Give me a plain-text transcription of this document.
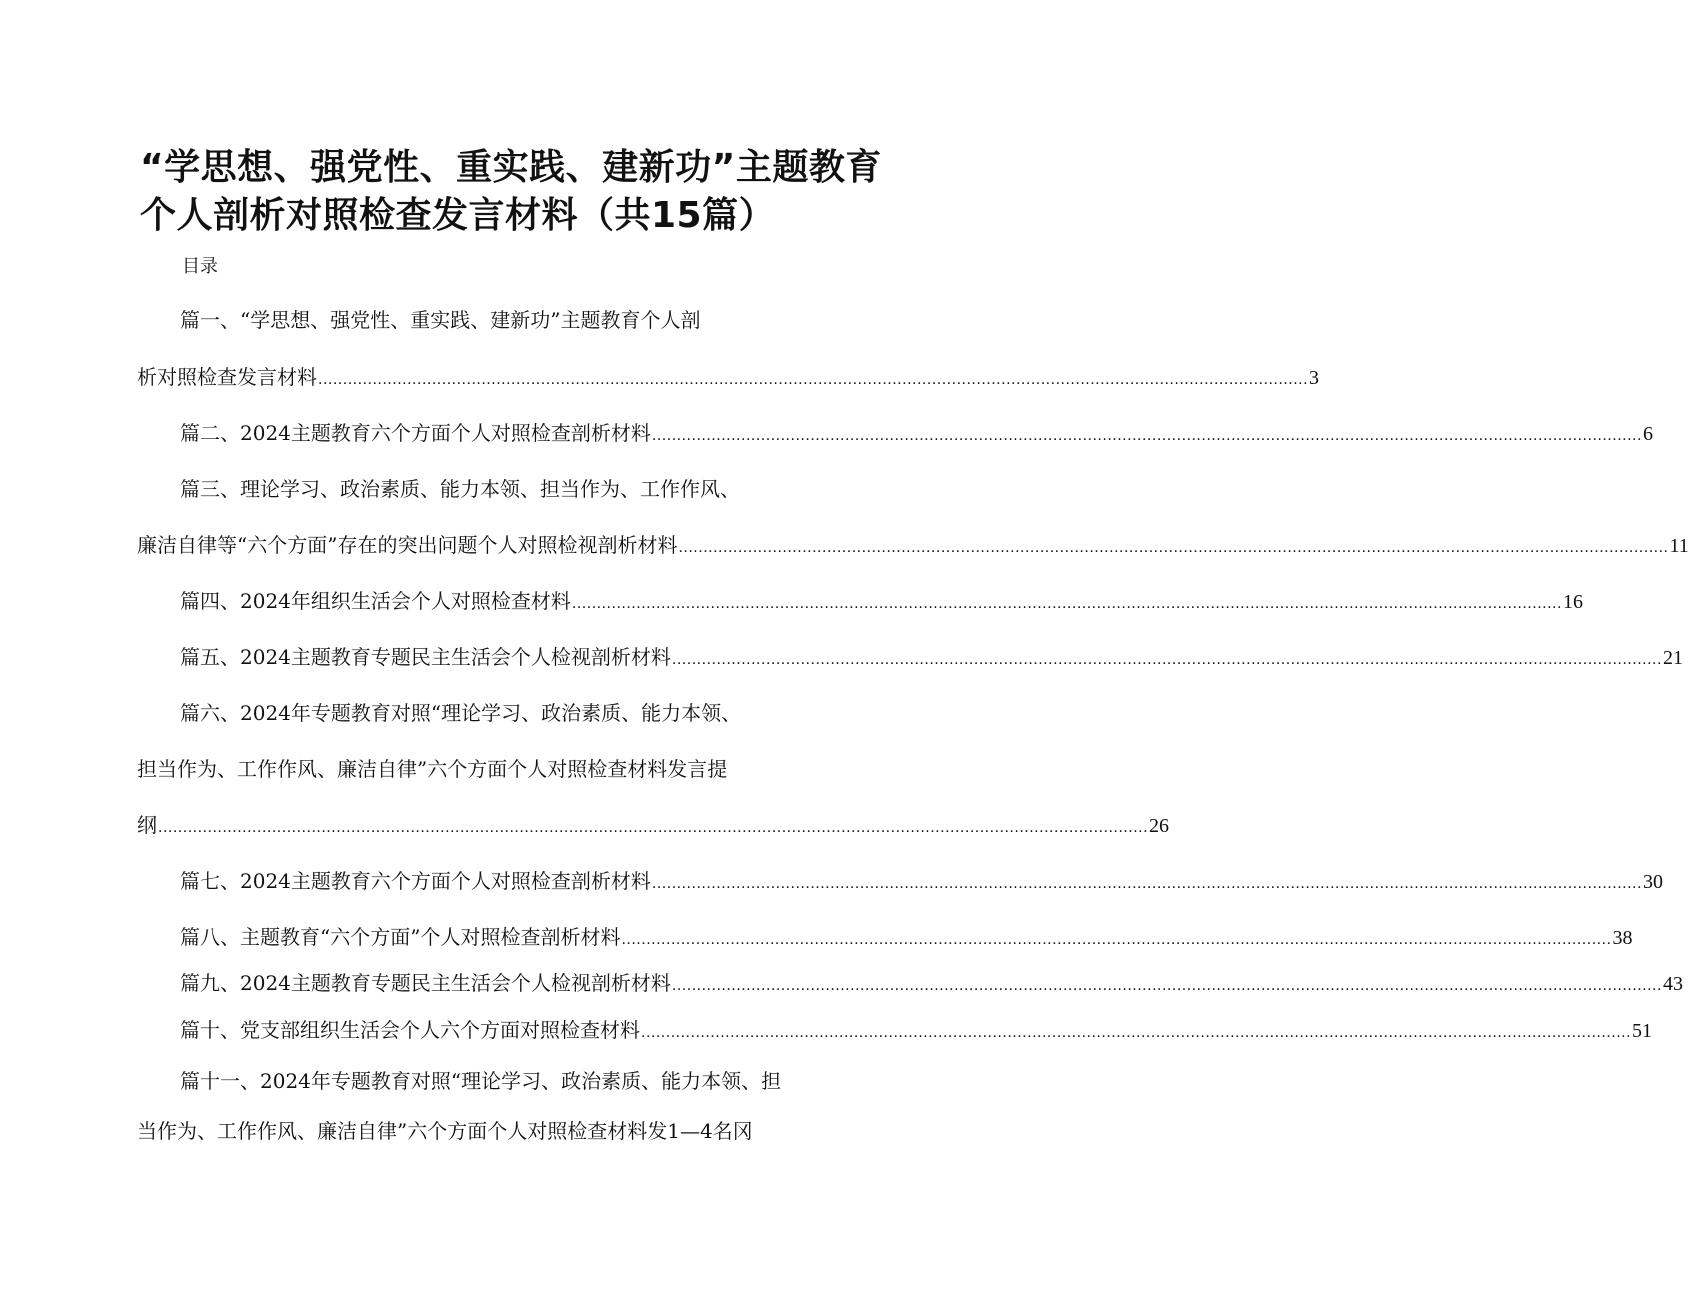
“学思想、强党性、重实践、建新功”主题教育
个人剖析对照检查发言材料（共15篇）
目录
篇一、“学思想、强党性、重实践、建新功”主题教育个人剖
析对照检查发言材料 ........................................................................................................................................................................................................ 3
篇二、2024主题教育六个方面个人对照检查剖析材料 ........................................................................................................................................................................................................ 6
篇三、理论学习、政治素质、能力本领、担当作为、工作作风、
廉洁自律等“六个方面”存在的突出问题个人对照检视剖析材料 ........................................................................................................................................................................................................ 11
篇四、2024年组织生活会个人对照检查材料 ........................................................................................................................................................................................................ 16
篇五、2024主题教育专题民主生活会个人检视剖析材料 ........................................................................................................................................................................................................ 21
篇六、2024年专题教育对照“理论学习、政治素质、能力本领、
担当作为、工作作风、廉洁自律”六个方面个人对照检查材料发言提
纲 ........................................................................................................................................................................................................ 26
篇七、2024主题教育六个方面个人对照检查剖析材料 ........................................................................................................................................................................................................ 30
篇八、主题教育“六个方面”个人对照检查剖析材料 ........................................................................................................................................................................................................ 38
篇九、2024主题教育专题民主生活会个人检视剖析材料 ........................................................................................................................................................................................................ 43
篇十、党支部组织生活会个人六个方面对照检查材料 ........................................................................................................................................................................................................ 51
篇十一、2024年专题教育对照“理论学习、政治素质、能力本领、担
当作为、工作作风、廉洁自律”六个方面个人对照检查材料发1—4名冈
